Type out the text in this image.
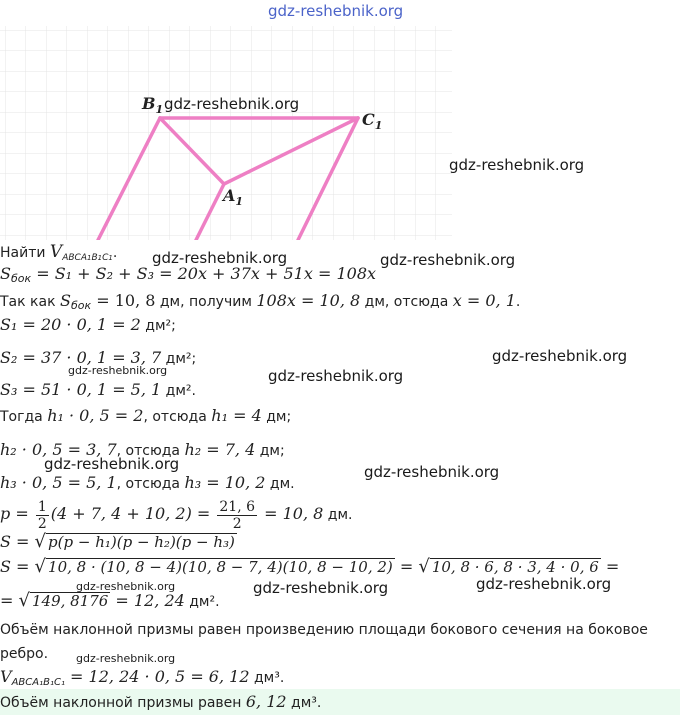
gdz-reshebnik.org
$B_1$
$C_1$
$A_1$
gdz-reshebnik.org
gdz-reshebnik.org
Найти $V_{ABCA1B1C1}$. gdz-reshebnik.org	gdz-reshebnik.org
$S_{бок} = S_1 + S_2 + S_3 = 20x + 37x + 51x = 108x$
Так как $S_{бок} = 10$, 8 дм, получим 108x = 10, 8 дм, отсюда x = 0, 1.
S₁ = 20 · 0, 1 = 2 дм²;
S₂ = 37 · 0, 1 = 3, 7 дм²;	gdz-reshebnik.org
gdz-reshebnik.org
S₃ = 51 · 0, 1 = 5, 1 дм².
gdz-reshebnik.org
Тогда h₁ · 0, 5 = 2, отсюда h₁ = 4 дм;
h₂ · 0, 5 = 3, 7, отсюда h₂ = 7, 4 дм;
gdz-reshebnik.org	gdz-reshebnik.org
h₃ · 0, 5 = 5, 1, отсюда h₃ = 10, 2 дм.
$p = \frac{1}{2} (4 + 7$, 4 + 10, $2) = \frac{21, 6}{2} = 10$, 8 дм.
S = √ p(p − h₁)(p − h₂)(p − h₃)
S = √ 10, 8 · (10, 8 − 4)(10, 8 − 7, 4)(10, 8 − 10, 2) = √ 10, 8 · 6, 8 · 3, 4 · 0, 6 =
gdz-reshebnik.org	gdz-reshebnik.org	gdz-reshebnik.org
= √ 149, 8176 = 12, 24 дм².
Объём наклонной призмы равен произведению площади бокового сечения на боковое
ребро.	gdz-reshebnik.org
$V_{ABCA_1B_1C_1} = 12$, 24 · 0, 5 = 6, 12 дм³.
Объём наклонной призмы равен 6, 12 дм³.
